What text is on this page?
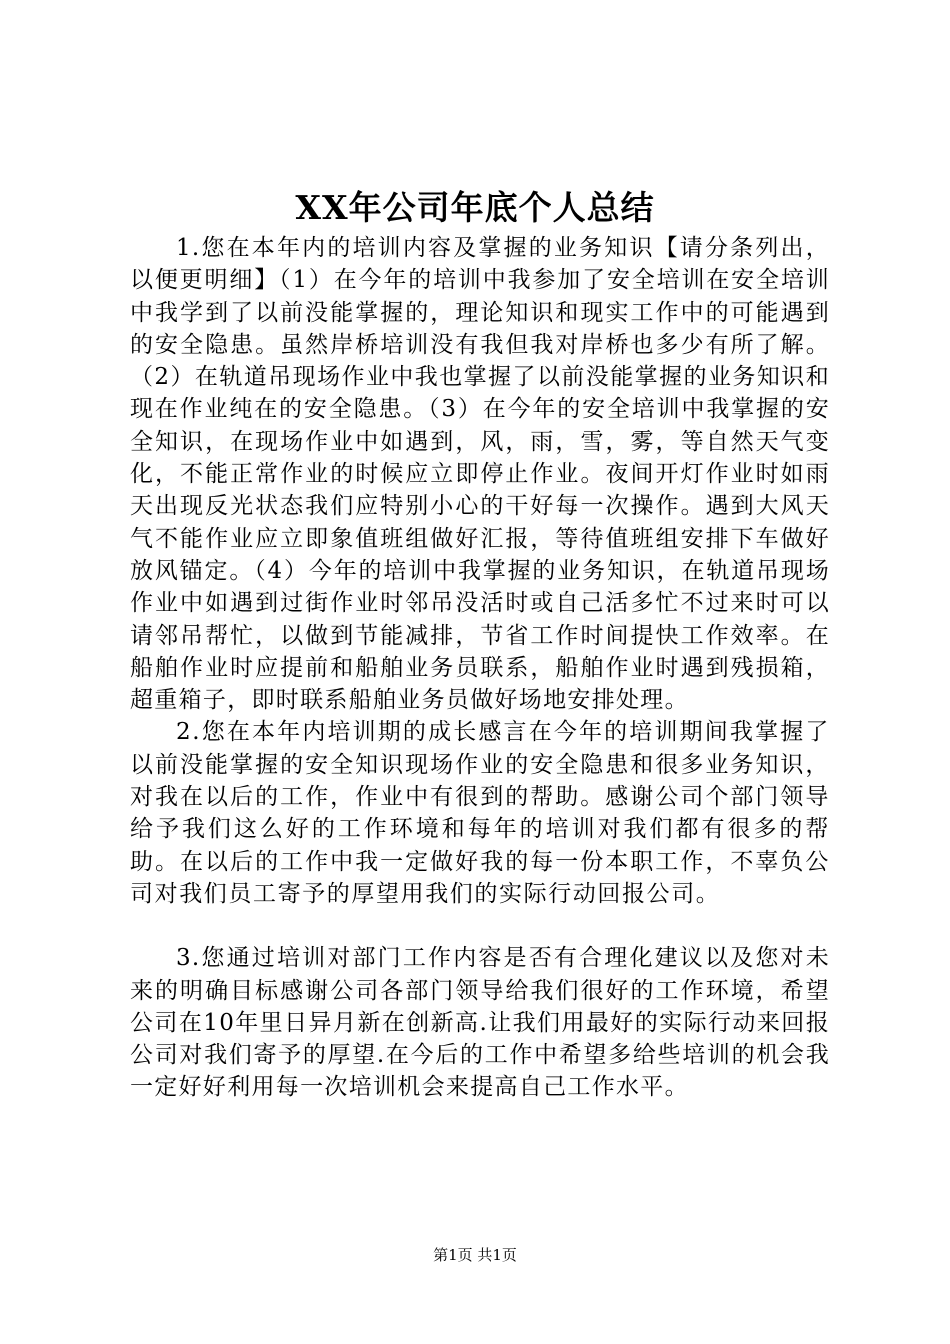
XX年公司年底个人总结

1.您在本年内的培训内容及掌握的业务知识【请分条列出，以便更明细】（1）在今年的培训中我参加了安全培训在安全培训中我学到了以前没能掌握的，理论知识和现实工作中的可能遇到的安全隐患。虽然岸桥培训没有我但我对岸桥也多少有所了解。（2）在轨道吊现场作业中我也掌握了以前没能掌握的业务知识和现在作业纯在的安全隐患。（3）在今年的安全培训中我掌握的安全知识，在现场作业中如遇到，风，雨，雪，雾，等自然天气变化，不能正常作业的时候应立即停止作业。夜间开灯作业时如雨天出现反光状态我们应特别小心的干好每一次操作。遇到大风天气不能作业应立即象值班组做好汇报，等待值班组安排下车做好放风锚定。（4）今年的培训中我掌握的业务知识，在轨道吊现场作业中如遇到过街作业时邻吊没活时或自己活多忙不过来时可以请邻吊帮忙，以做到节能减排，节省工作时间提快工作效率。在船舶作业时应提前和船舶业务员联系，船舶作业时遇到残损箱，超重箱子，即时联系船舶业务员做好场地安排处理。

2.您在本年内培训期的成长感言在今年的培训期间我掌握了以前没能掌握的安全知识现场作业的安全隐患和很多业务知识，对我在以后的工作，作业中有很到的帮助。感谢公司个部门领导给予我们这么好的工作环境和每年的培训对我们都有很多的帮助。在以后的工作中我一定做好我的每一份本职工作，不辜负公司对我们员工寄予的厚望用我们的实际行动回报公司。

3.您通过培训对部门工作内容是否有合理化建议以及您对未来的明确目标感谢公司各部门领导给我们很好的工作环境，希望公司在10年里日异月新在创新高.让我们用最好的实际行动来回报公司对我们寄予的厚望.在今后的工作中希望多给些培训的机会我一定好好利用每一次培训机会来提高自己工作水平。

第1页 共1页
